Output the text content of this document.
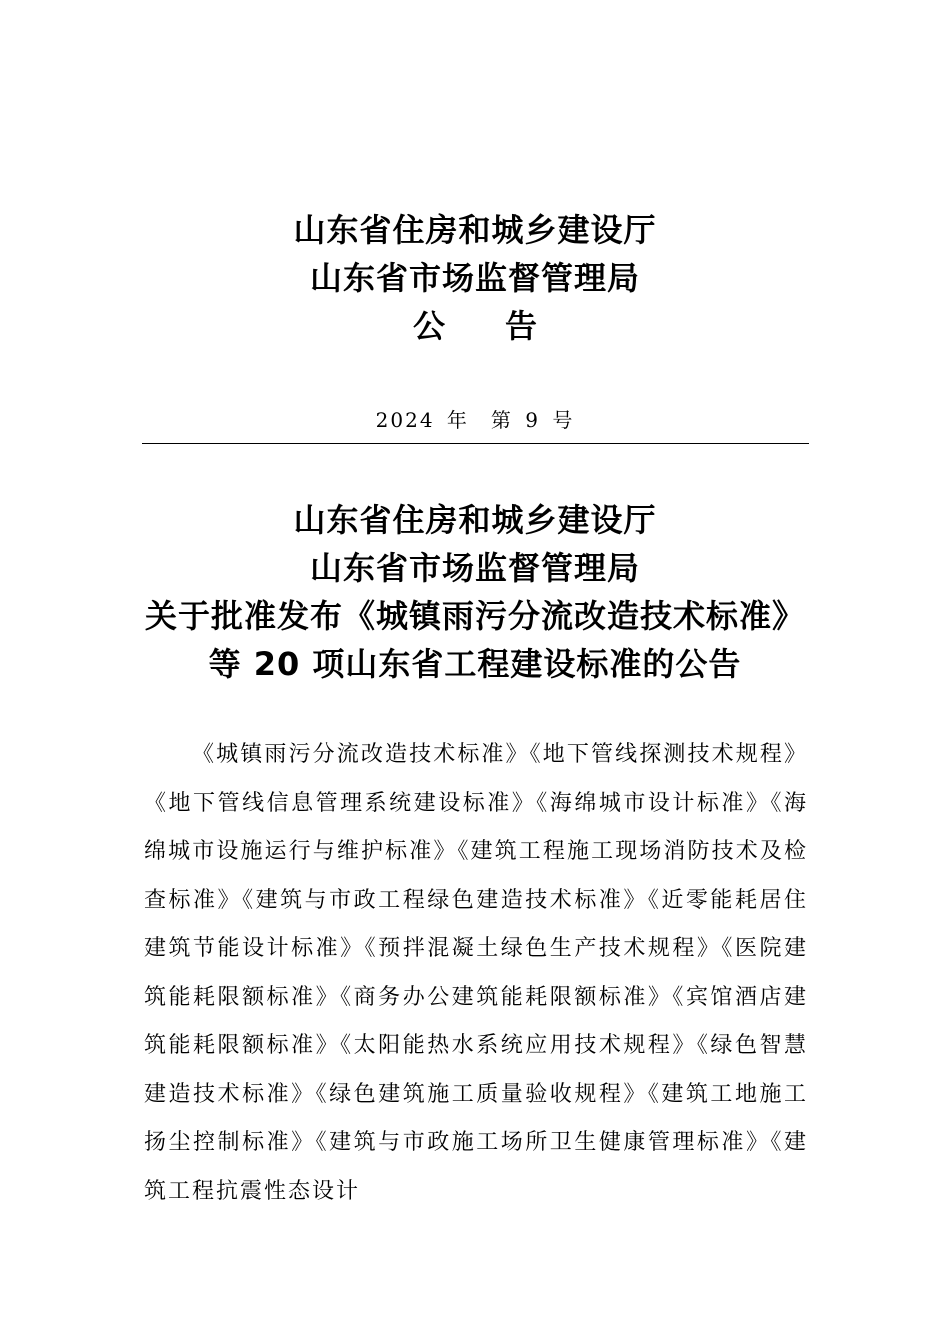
山东省住房和城乡建设厅
山东省市场监督管理局
公告
2024 年　第 9 号
山东省住房和城乡建设厅
山东省市场监督管理局
关于批准发布《城镇雨污分流改造技术标准》
等 20 项山东省工程建设标准的公告
《城镇雨污分流改造技术标准》《地下管线探测技术规程》《地下管线信息管理系统建设标准》《海绵城市设计标准》《海绵城市设施运行与维护标准》《建筑工程施工现场消防技术及检查标准》《建筑与市政工程绿色建造技术标准》《近零能耗居住建筑节能设计标准》《预拌混凝土绿色生产技术规程》《医院建筑能耗限额标准》《商务办公建筑能耗限额标准》《宾馆酒店建筑能耗限额标准》《太阳能热水系统应用技术规程》《绿色智慧建造技术标准》《绿色建筑施工质量验收规程》《建筑工地施工扬尘控制标准》《建筑与市政施工场所卫生健康管理标准》《建筑工程抗震性态设计
